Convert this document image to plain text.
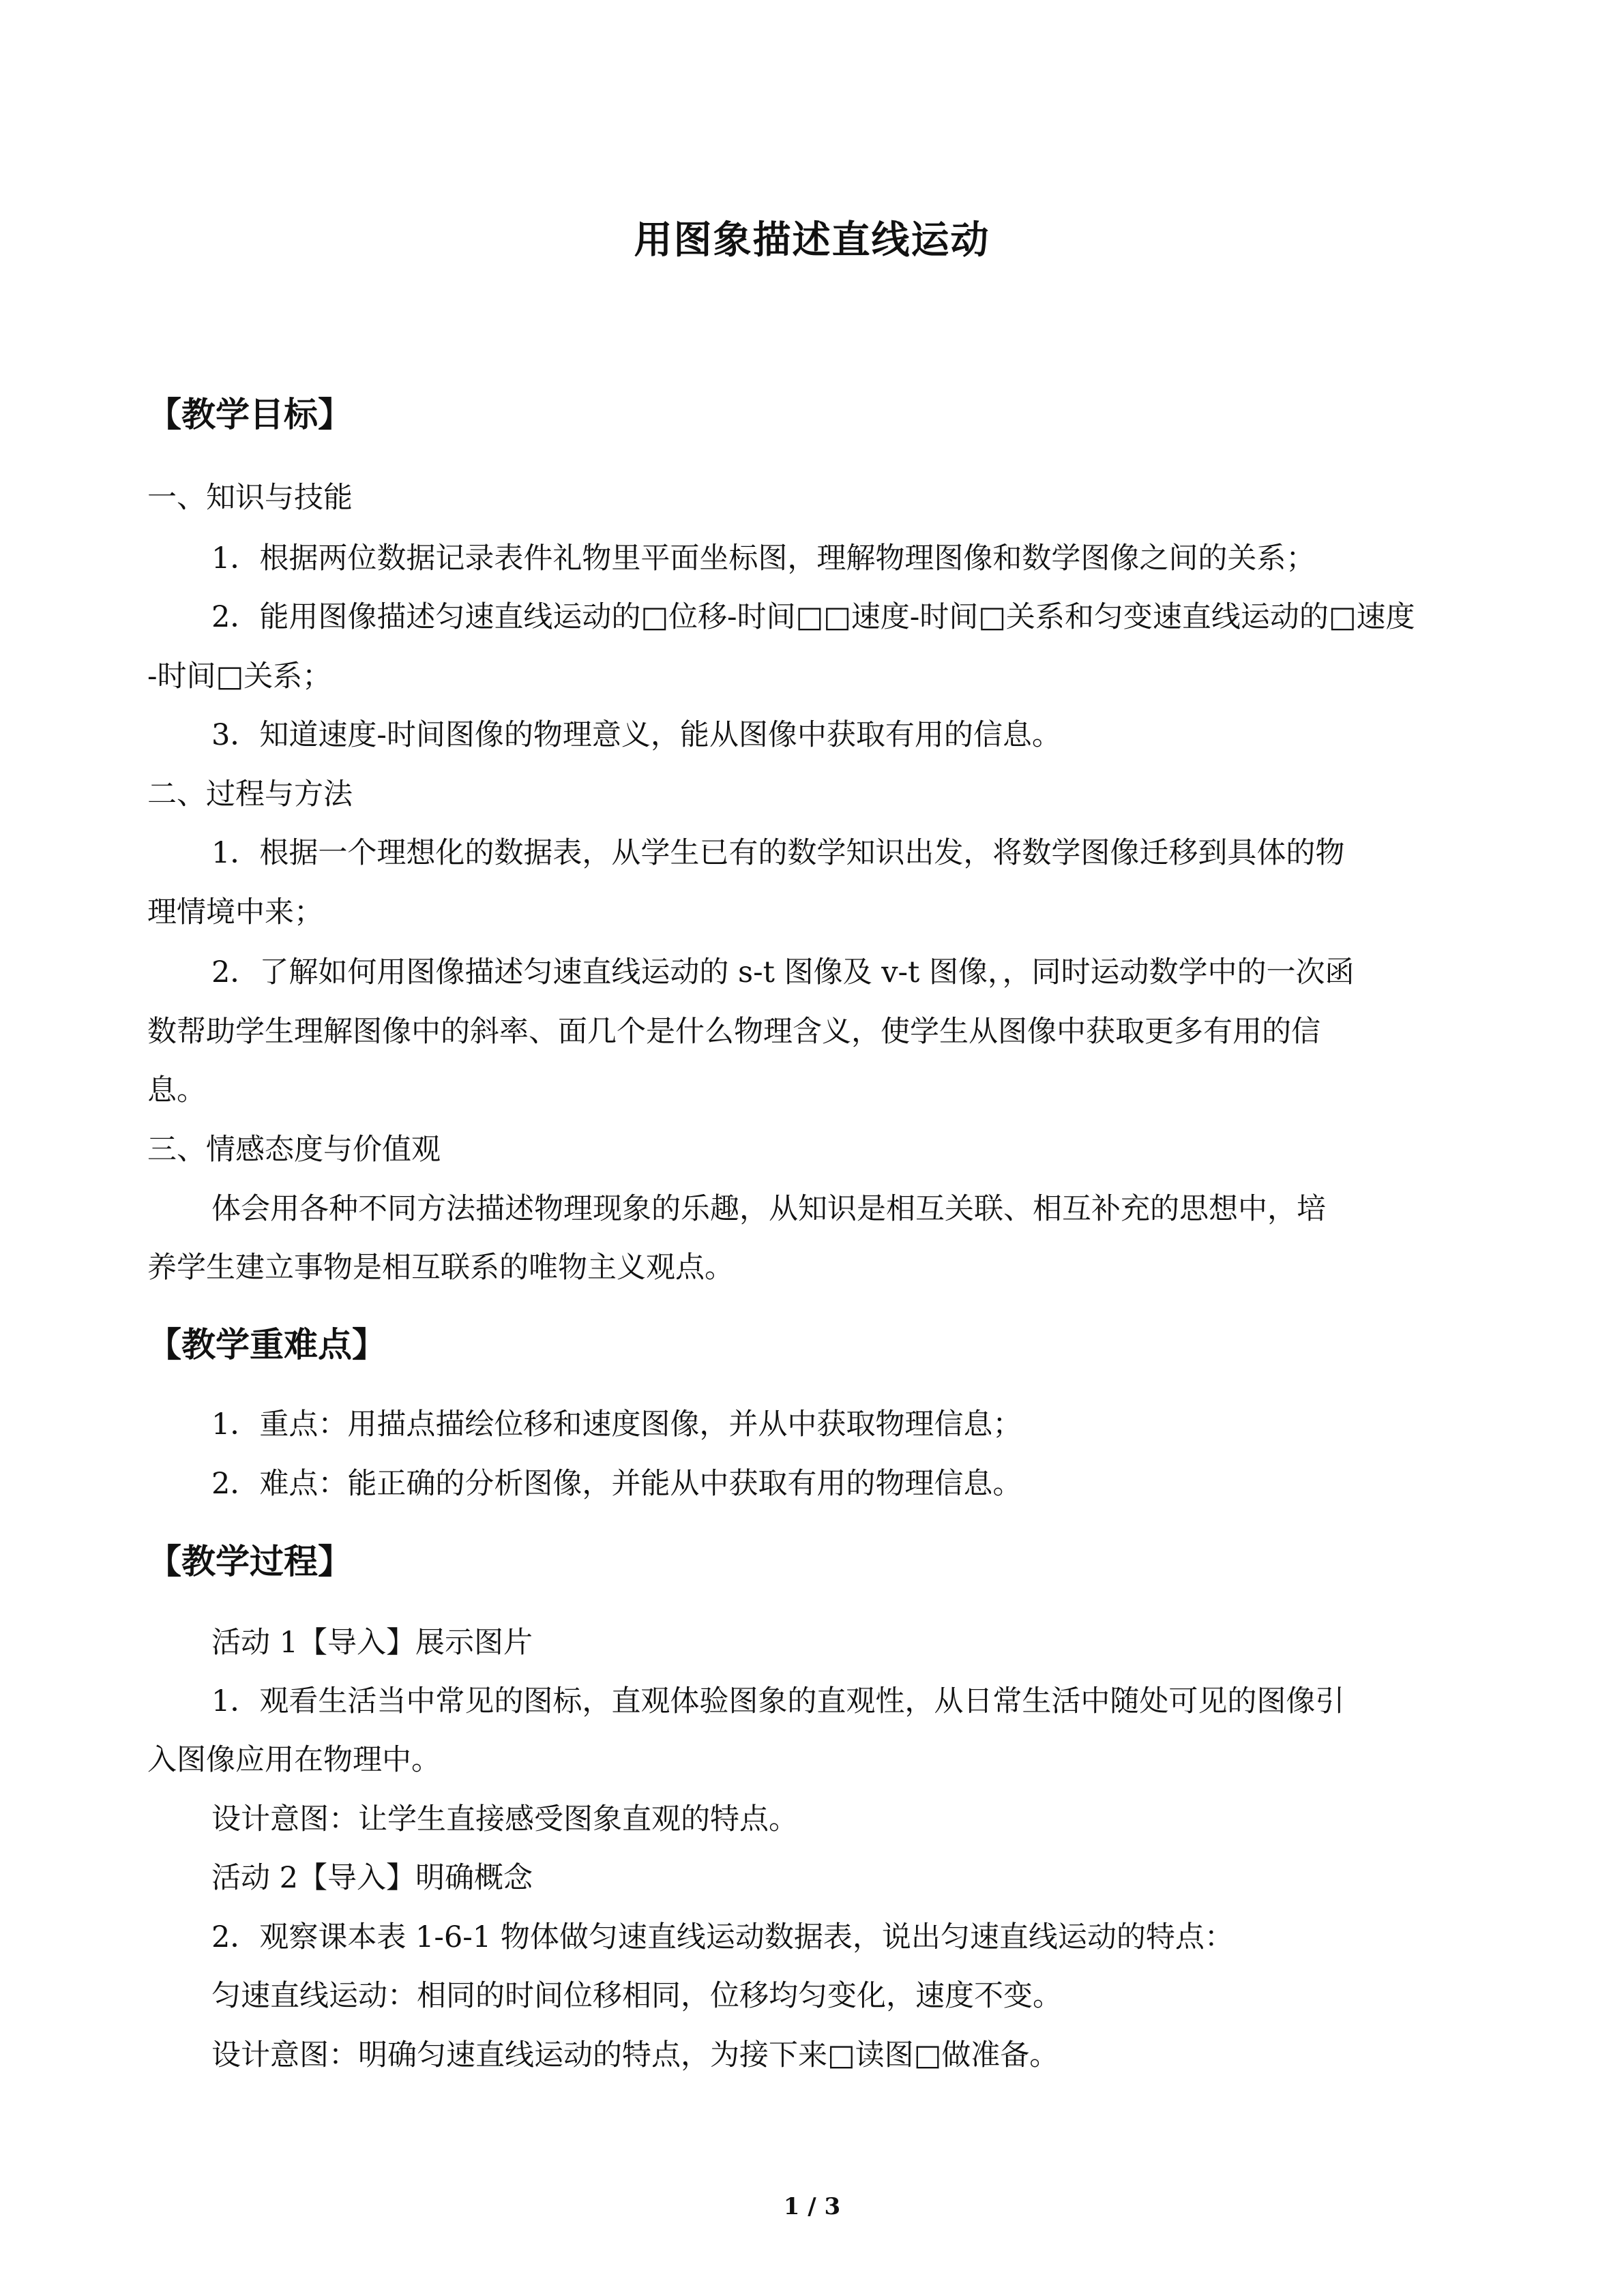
用图象描述直线运动
【教学目标】

一、知识与技能

1．根据两位数据记录表件礼物里平面坐标图，理解物理图像和数学图像之间的关系；

2．能用图像描述匀速直线运动的□位移-时间□□速度-时间□关系和匀变速直线运动的□速度

-时间□关系；

3．知道速度-时间图像的物理意义，能从图像中获取有用的信息。

二、过程与方法

1．根据一个理想化的数据表，从学生已有的数学知识出发，将数学图像迁移到具体的物

理情境中来；

2．了解如何用图像描述匀速直线运动的 s-t 图像及 v-t 图像，，同时运动数学中的一次函

数帮助学生理解图像中的斜率、面几个是什么物理含义，使学生从图像中获取更多有用的信

息。

三、情感态度与价值观

体会用各种不同方法描述物理现象的乐趣，从知识是相互关联、相互补充的思想中，培

养学生建立事物是相互联系的唯物主义观点。

【教学重难点】

1．重点：用描点描绘位移和速度图像，并从中获取物理信息；

2．难点：能正确的分析图像，并能从中获取有用的物理信息。

【教学过程】

活动 1【导入】展示图片

1．观看生活当中常见的图标，直观体验图象的直观性，从日常生活中随处可见的图像引

入图像应用在物理中。

设计意图：让学生直接感受图象直观的特点。

活动 2【导入】明确概念

2．观察课本表 1-6-1 物体做匀速直线运动数据表，说出匀速直线运动的特点：

匀速直线运动：相同的时间位移相同，位移均匀变化，速度不变。

设计意图：明确匀速直线运动的特点，为接下来□读图□做准备。

1 / 3
